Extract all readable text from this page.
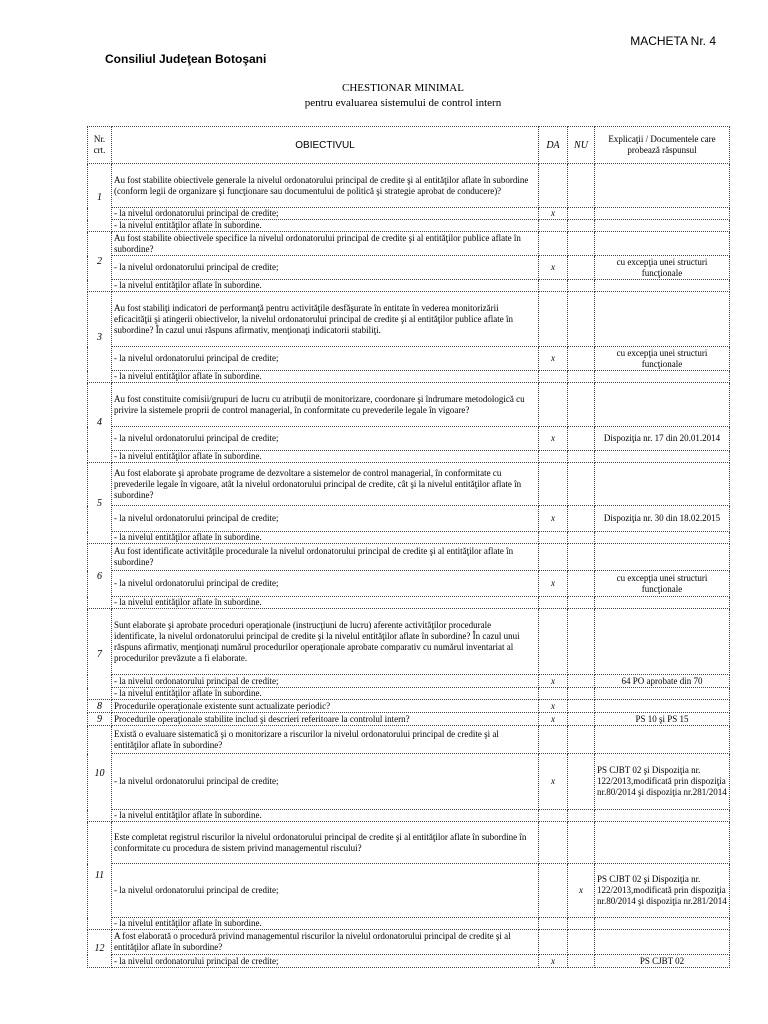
MACHETA Nr. 4
Consiliul Judeţean Botoşani
CHESTIONAR MINIMAL
pentru evaluarea sistemului de control intern
Nr. crt.	OBIECTIVUL	DA	NU	Explicaţii / Documentele care probează răspunsul
1	Au fost stabilite obiectivele generale la nivelul ordonatorului principal de credite şi al entităţilor aflate în subordine (conform legii de organizare şi funcţionare sau documentului de politică şi strategie aprobat de conducere)?			
	- la nivelul ordonatorului principal de credite;	x		
	- la nivelul entităţilor aflate în subordine.			
2	Au fost stabilite obiectivele specifice la nivelul ordonatorului principal de credite şi al entităţilor publice aflate în subordine?			
	- la nivelul ordonatorului principal de credite;	x		cu excepţia unei structuri funcţionale
	- la nivelul entităţilor aflate în subordine.			
3	Au fost stabiliţi indicatori de performanţă pentru activităţile desfăşurate în entitate în vederea monitorizării eficacităţii şi atingerii obiectivelor, la nivelul ordonatorului principal de credite şi al entităţilor publice aflate în subordine? În cazul unui răspuns afirmativ, menţionaţi indicatorii stabiliţi.			
	- la nivelul ordonatorului principal de credite;	x		cu excepţia unei structuri funcţionale
	- la nivelul entităţilor aflate în subordine.			
4	Au fost constituite comisii/grupuri de lucru cu atribuţii de monitorizare, coordonare şi îndrumare metodologică cu privire la sistemele proprii de control managerial, în conformitate cu prevederile legale în vigoare?			
	- la nivelul ordonatorului principal de credite;	x		Dispoziţia nr. 17 din 20.01.2014
	- la nivelul entităţilor aflate în subordine.			
5	Au fost elaborate şi aprobate programe de dezvoltare a sistemelor de control managerial, în conformitate cu prevederile legale în vigoare, atât la nivelul ordonatorului principal de credite, cât şi la nivelul entităţilor aflate în subordine?			
	- la nivelul ordonatorului principal de credite;	x		Dispoziţia nr. 30 din 18.02.2015
	- la nivelul entităţilor aflate în subordine.			
6	Au fost identificate activităţile procedurale la nivelul ordonatorului principal de credite şi al entităţilor aflate în subordine?			
	- la nivelul ordonatorului principal de credite;	x		cu excepţia unei structuri funcţionale
	- la nivelul entităţilor aflate în subordine.			
7	Sunt elaborate şi aprobate proceduri operaţionale (instrucţiuni de lucru) aferente activităţilor procedurale identificate, la nivelul ordonatorului principal de credite şi la nivelul entităţilor aflate în subordine? În cazul unui răspuns afirmativ, menţionaţi numărul procedurilor operaţionale aprobate comparativ cu numărul inventariat al procedurilor prevăzute a fi elaborate.			
	- la nivelul ordonatorului principal de credite;	x		64 PO aprobate din 70
	- la nivelul entităţilor aflate în subordine.			
8	Procedurile operaţionale existente sunt actualizate periodic?	x		
9	Procedurile operaţionale stabilite includ şi descrieri referitoare la controlul intern?	x		PS 10 şi PS 15
10	Există o evaluare sistematică şi o monitorizare a riscurilor la nivelul ordonatorului principal de credite şi al entităţilor aflate în subordine?			
	- la nivelul ordonatorului principal de credite;	x		PS CJBT 02 şi Dispoziţia nr. 122/2013,modificată prin dispoziţia nr.80/2014 şi dispoziţia nr.281/2014
	- la nivelul entităţilor aflate în subordine.			
11	Este completat registrul riscurilor la nivelul ordonatorului principal de credite şi al entităţilor aflate în subordine în conformitate cu procedura de sistem privind managementul riscului?			
	- la nivelul ordonatorului principal de credite;		x	PS CJBT 02 şi Dispoziţia nr. 122/2013,modificată prin dispoziţia nr.80/2014 şi dispoziţia nr.281/2014
	- la nivelul entităţilor aflate în subordine.			
12	A fost elaborată o procedură privind managementul riscurilor la nivelul ordonatorului principal de credite şi al entităţilor aflate în subordine?			
	- la nivelul ordonatorului principal de credite;	x		PS CJBT 02
